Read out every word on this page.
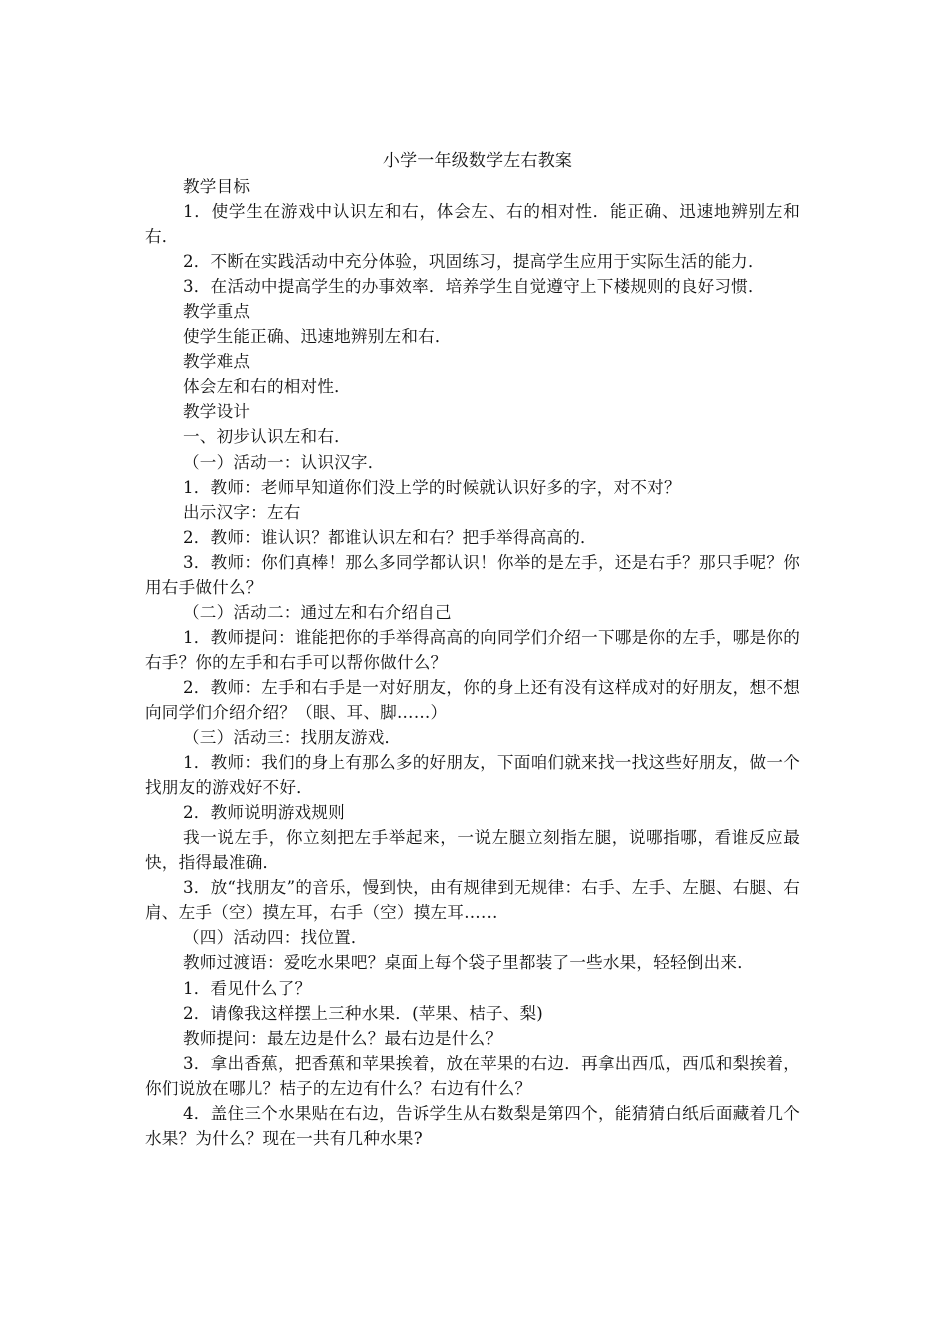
小学一年级数学左右教案

教学目标

1．使学生在游戏中认识左和右，体会左、右的相对性．能正确、迅速地辨别左和右．

2．不断在实践活动中充分体验，巩固练习，提高学生应用于实际生活的能力．

3．在活动中提高学生的办事效率．培养学生自觉遵守上下楼规则的良好习惯．

教学重点

使学生能正确、迅速地辨别左和右．

教学难点

体会左和右的相对性．

教学设计

一、初步认识左和右．

（一）活动一：认识汉字．

1．教师：老师早知道你们没上学的时候就认识好多的字，对不对？

出示汉字：左右

2．教师：谁认识？都谁认识左和右？把手举得高高的．

3．教师：你们真棒！那么多同学都认识！你举的是左手，还是右手？那只手呢？你用右手做什么？

（二）活动二：通过左和右介绍自己

1．教师提问：谁能把你的手举得高高的向同学们介绍一下哪是你的左手，哪是你的右手？你的左手和右手可以帮你做什么？

2．教师：左手和右手是一对好朋友，你的身上还有没有这样成对的好朋友，想不想向同学们介绍介绍？（眼、耳、脚……）

（三）活动三：找朋友游戏．

1．教师：我们的身上有那么多的好朋友，下面咱们就来找一找这些好朋友，做一个找朋友的游戏好不好．

2．教师说明游戏规则

我一说左手，你立刻把左手举起来，一说左腿立刻指左腿，说哪指哪，看谁反应最快，指得最准确．

3．放“找朋友”的音乐，慢到快，由有规律到无规律：右手、左手、左腿、右腿、右肩、左手（空）摸左耳，右手（空）摸左耳……

（四）活动四：找位置．

教师过渡语：爱吃水果吧？桌面上每个袋子里都装了一些水果，轻轻倒出来．

1．看见什么了？

2．请像我这样摆上三种水果．(苹果、桔子、梨)

教师提问：最左边是什么？最右边是什么？

3．拿出香蕉，把香蕉和苹果挨着，放在苹果的右边．再拿出西瓜，西瓜和梨挨着，你们说放在哪儿？桔子的左边有什么？右边有什么？

4．盖住三个水果贴在右边，告诉学生从右数梨是第四个，能猜猜白纸后面藏着几个水果？为什么？现在一共有几种水果?
